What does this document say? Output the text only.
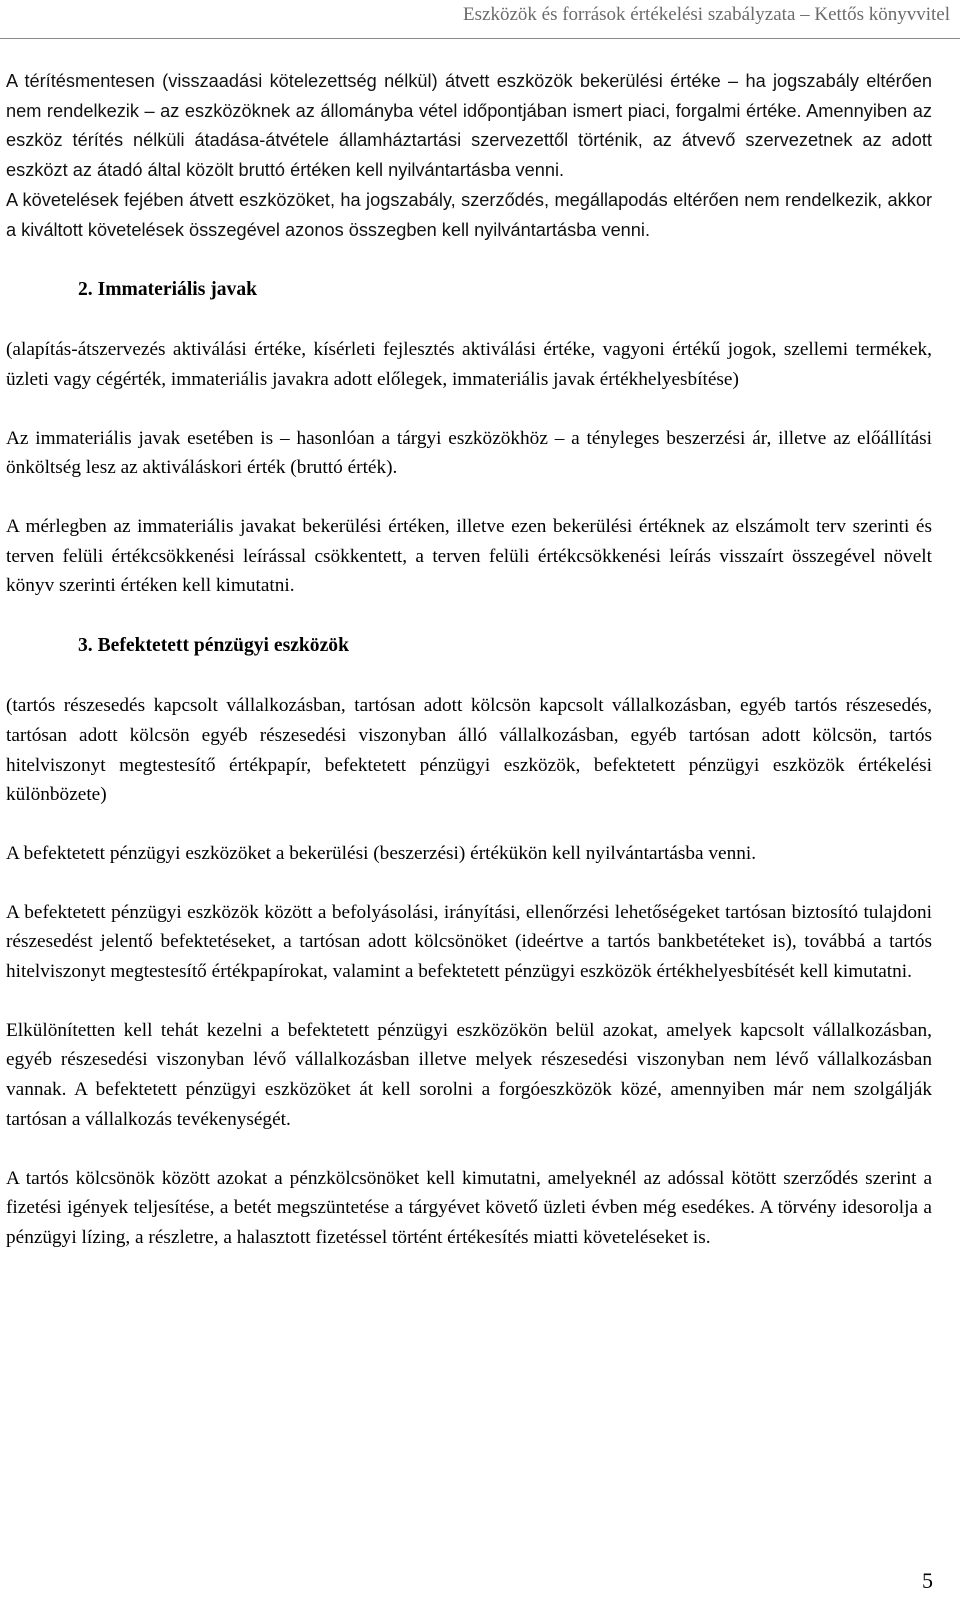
Eszközök és források értékelési szabályzata – Kettős könyvvitel

A térítésmentesen (visszaadási kötelezettség nélkül) átvett eszközök bekerülési értéke – ha jogszabály eltérően nem rendelkezik – az eszközöknek az állományba vétel időpontjában ismert piaci, forgalmi értéke. Amennyiben az eszköz térítés nélküli átadása-átvétele államháztartási szervezettől történik, az átvevő szervezetnek az adott eszközt az átadó által közölt bruttó értéken kell nyilvántartásba venni.

A követelések fejében átvett eszközöket, ha jogszabály, szerződés, megállapodás eltérően nem rendelkezik, akkor a kiváltott követelések összegével azonos összegben kell nyilvántartásba venni.

2. Immateriális javak

(alapítás-átszervezés aktiválási értéke, kísérleti fejlesztés aktiválási értéke, vagyoni értékű jogok, szellemi termékek, üzleti vagy cégérték, immateriális javakra adott előlegek, immateriális javak értékhelyesbítése)

Az immateriális javak esetében is – hasonlóan a tárgyi eszközökhöz – a tényleges beszerzési ár, illetve az előállítási önköltség lesz az aktiváláskori érték (bruttó érték).

A mérlegben az immateriális javakat bekerülési értéken, illetve ezen bekerülési értéknek az elszámolt terv szerinti és terven felüli értékcsökkenési leírással csökkentett, a terven felüli értékcsökkenési leírás visszaírt összegével növelt könyv szerinti értéken kell kimutatni.

3. Befektetett pénzügyi eszközök

(tartós részesedés kapcsolt vállalkozásban, tartósan adott kölcsön kapcsolt vállalkozásban, egyéb tartós részesedés, tartósan adott kölcsön egyéb részesedési viszonyban álló vállalkozásban, egyéb tartósan adott kölcsön, tartós hitelviszonyt megtestesítő értékpapír, befektetett pénzügyi eszközök, befektetett pénzügyi eszközök értékelési különbözete)

A befektetett pénzügyi eszközöket a bekerülési (beszerzési) értékükön kell nyilvántartásba venni.

A befektetett pénzügyi eszközök között a befolyásolási, irányítási, ellenőrzési lehetőségeket tartósan biztosító tulajdoni részesedést jelentő befektetéseket, a tartósan adott kölcsönöket (ideértve a tartós bankbetéteket is), továbbá a tartós hitelviszonyt megtestesítő értékpapírokat, valamint a befektetett pénzügyi eszközök értékhelyesbítését kell kimutatni.

Elkülönítetten kell tehát kezelni a befektetett pénzügyi eszközökön belül azokat, amelyek kapcsolt vállalkozásban, egyéb részesedési viszonyban lévő vállalkozásban illetve melyek részesedési viszonyban nem lévő vállalkozásban vannak. A befektetett pénzügyi eszközöket át kell sorolni a forgóeszközök közé, amennyiben már nem szolgálják tartósan a vállalkozás tevékenységét.

A tartós kölcsönök között azokat a pénzkölcsönöket kell kimutatni, amelyeknél az adóssal kötött szerződés szerint a fizetési igények teljesítése, a betét megszüntetése a tárgyévet követő üzleti évben még esedékes. A törvény idesorolja a pénzügyi lízing, a részletre, a halasztott fizetéssel történt értékesítés miatti követeléseket is.

5
